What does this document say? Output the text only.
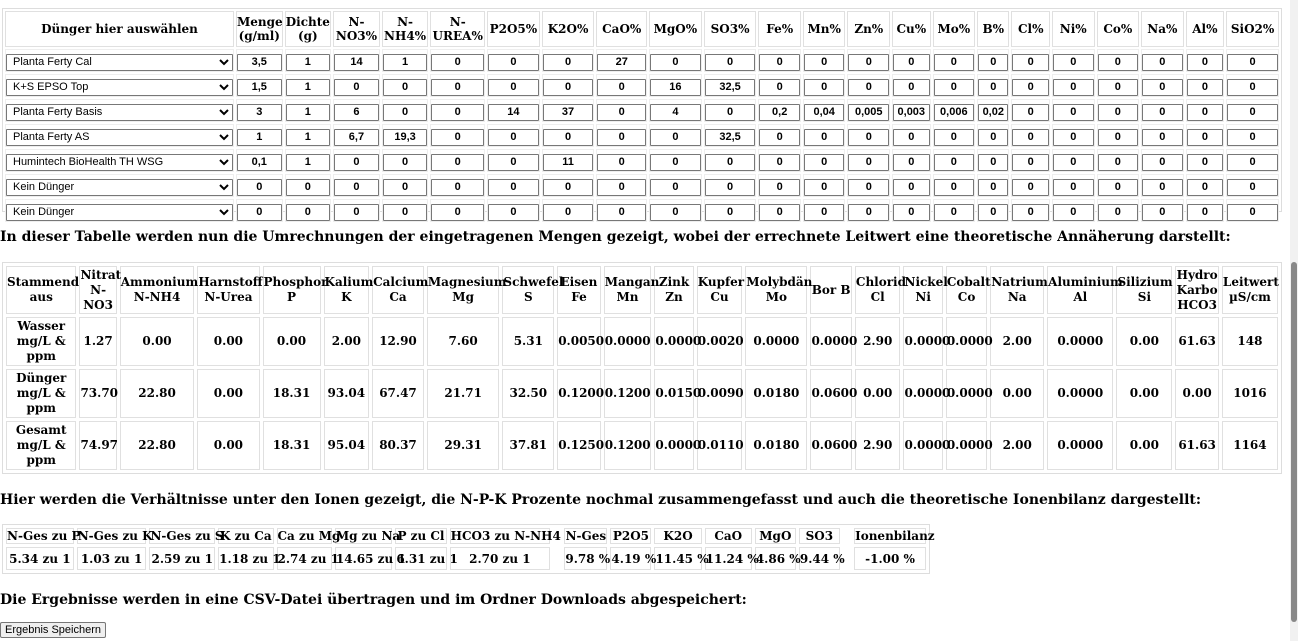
Dünger hier auswählen	Menge (g/ml)	Dichte (g)	N-NO3%	N-NH4%	N-UREA%	P2O5%	K2O%	CaO%	MgO%	SO3%	Fe%	Mn%	Zn%	Cu%	Mo%	B%	Cl%	Ni%	Co%	Na%	Al%	SiO2%

Planta Ferty Cal	3,5	1	14	1	0	0	0	27	0	0	0	0	0	0	0	0	0	0	0	0	0	0

K+S EPSO Top	1,5	1	0	0	0	0	0	0	16	32,5	0	0	0	0	0	0	0	0	0	0	0	0

Planta Ferty Basis	3	1	6	0	0	14	37	0	4	0	0,2	0,04	0,005	0,003	0,006	0,02	0	0	0	0	0	0

Planta Ferty AS	1	1	6,7	19,3	0	0	0	0	0	32,5	0	0	0	0	0	0	0	0	0	0	0	0

Humintech BioHealth TH WSG	0,1	1	0	0	0	0	11	0	0	0	0	0	0	0	0	0	0	0	0	0	0	0

Kein Dünger	0	0	0	0	0	0	0	0	0	0	0	0	0	0	0	0	0	0	0	0	0	0

Kein Dünger	0	0	0	0	0	0	0	0	0	0	0	0	0	0	0	0	0	0	0	0	0	0
In dieser Tabelle werden nun die Umrechnungen der eingetragenen Mengen gezeigt, wobei der errechnete Leitwert eine theoretische Annäherung darstellt:
Stammend aus	Nitrat N-NO3	Ammonium N-NH4	Harnstoff N-Urea	Phosphor P	Kalium K	Calcium Ca	Magnesium Mg	Schwefel S	Eisen Fe	Mangan Mn	Zink Zn	Kupfer Cu	Molybdän Mo	Bor B	Chlorid Cl	Nickel Ni	Cobalt Co	Natrium Na	Aluminium Al	Silizium Si	Hydro Karbo HCO3	Leitwert µS/cm
Wasser mg/L & ppm	1.27	0.00	0.00	0.00	2.00	12.90	7.60	5.31	0.0050	0.0000	0.0000	0.0020	0.0000	0.0000	2.90	0.0000	0.0000	2.00	0.0000	0.00	61.63	148
Dünger mg/L & ppm	73.70	22.80	0.00	18.31	93.04	67.47	21.71	32.50	0.1200	0.1200	0.0150	0.0090	0.0180	0.0600	0.00	0.0000	0.0000	0.00	0.0000	0.00	0.00	1016
Gesamt mg/L & ppm	74.97	22.80	0.00	18.31	95.04	80.37	29.31	37.81	0.1250	0.1200	0.0000	0.0110	0.0180	0.0600	2.90	0.0000	0.0000	2.00	0.0000	0.00	61.63	1164
Hier werden die Verhältnisse unter den Ionen gezeigt, die N-P-K Prozente nochmal zusammengefasst und auch die theoretische Ionenbilanz dargestellt:
N-Ges zu P	N-Ges zu K	N-Ges zu S	K zu Ca	Ca zu Mg	Mg zu Na	P zu Cl	HCO3 zu N-NH4		N-Ges	P2O5	K2O	CaO	MgO	SO3		Ionenbilanz
5.34 zu 1	1.03 zu 1	2.59 zu 1	1.18 zu 1	2.74 zu 1	14.65 zu 1	6.31 zu 1	2.70 zu 1		9.78 %	4.19 %	11.45 %	11.24 %	4.86 %	9.44 %		-1.00 %
Die Ergebnisse werden in eine CSV-Datei übertragen und im Ordner Downloads abgespeichert:
Ergebnis Speichern
